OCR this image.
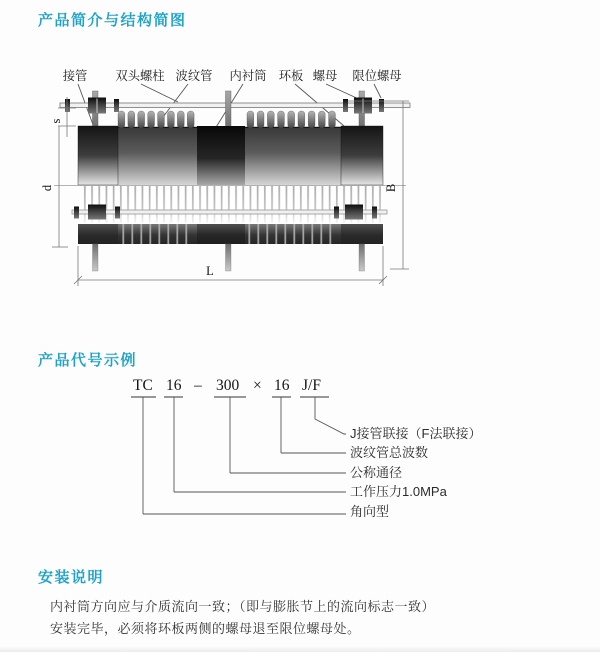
产品简介与结构简图
接管 双头螺柱 波纹管 内衬筒 环板 螺母 限位螺母
s
d	B
L
产品代号示例
TC 16 – 300 × 16 J/F
J接管联接（F法联接）
波纹管总波数
公称通径
工作压力1.0MPa
角向型
安装说明

内衬筒方向应与介质流向一致；（即与膨胀节上的流向标志一致）

安装完毕，必须将环板两侧的螺母退至限位螺母处。
